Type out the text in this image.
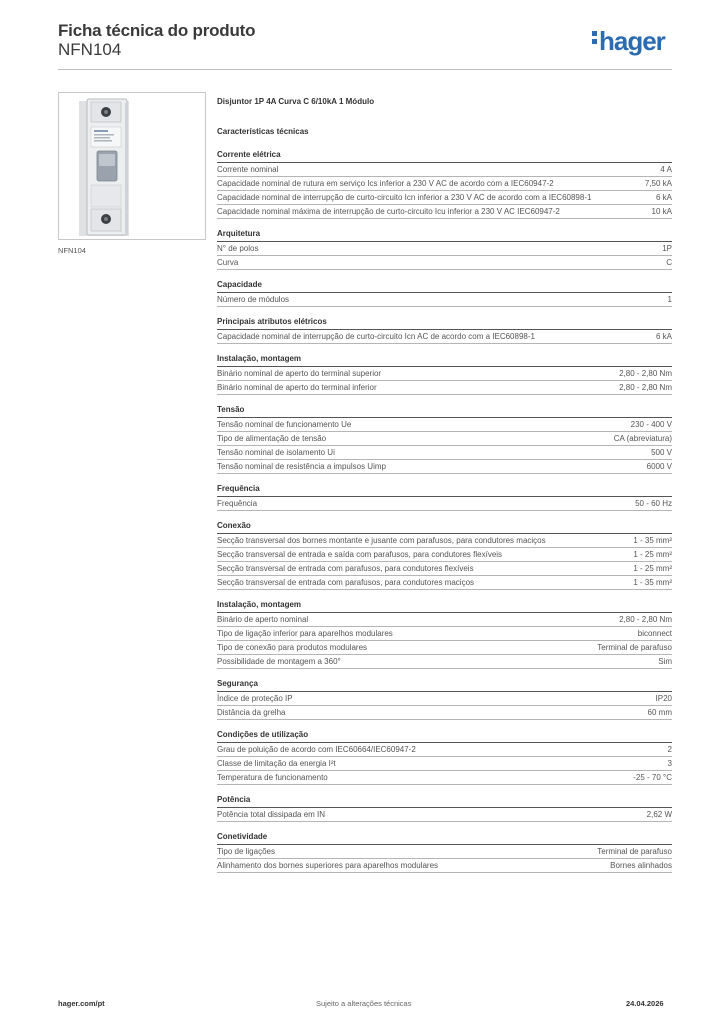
Ficha técnica do produto
NFN104	hager
NFN104
Disjuntor 1P 4A Curva C 6/10kA 1 Módulo
Características técnicas
Corrente elétrica
Corrente nominal	4 A
Capacidade nominal de rutura em serviço Ics inferior a 230 V AC de acordo com a IEC60947-2	7,50 kA
Capacidade nominal de interrupção de curto-circuito Icn inferior a 230 V AC de acordo com a IEC60898-1	6 kA
Capacidade nominal máxima de interrupção de curto-circuito Icu inferior a 230 V AC IEC60947-2	10 kA
Arquitetura
N° de polos	1P
Curva	C
Capacidade
Número de módulos	1
Principais atributos elétricos
Capacidade nominal de interrupção de curto-circuito Icn AC de acordo com a IEC60898-1	6 kA
Instalação, montagem
Binário nominal de aperto do terminal superior	2,80 - 2,80 Nm
Binário nominal de aperto do terminal inferior	2,80 - 2,80 Nm
Tensão
Tensão nominal de funcionamento Ue	230 - 400 V
Tipo de alimentação de tensão	CA (abreviatura)
Tensão nominal de isolamento Ui	500 V
Tensão nominal de resistência a impulsos Uimp	6000 V
Frequência
Frequência	50 - 60 Hz
Conexão
Secção transversal dos bornes montante e jusante com parafusos, para condutores maciços	1 - 35 mm²
Secção transversal de entrada e saída com parafusos, para condutores flexíveis	1 - 25 mm²
Secção transversal de entrada com parafusos, para condutores flexíveis	1 - 25 mm²
Secção transversal de entrada com parafusos, para condutores maciços	1 - 35 mm²
Instalação, montagem
Binário de aperto nominal	2,80 - 2,80 Nm
Tipo de ligação inferior para aparelhos modulares	biconnect
Tipo de conexão para produtos modulares	Terminal de parafuso
Possibilidade de montagem a 360°	Sim
Segurança
Índice de proteção IP	IP20
Distância da grelha	60 mm
Condições de utilização
Grau de poluição de acordo com IEC60664/IEC60947-2	2
Classe de limitação da energia I²t	3
Temperatura de funcionamento	-25 - 70 °C
Potência
Potência total dissipada em IN	2,62 W
Conetividade
Tipo de ligações	Terminal de parafuso
Alinhamento dos bornes superiores para aparelhos modulares	Bornes alinhados
hager.com/pt	Sujeito a alterações técnicas	24.04.2026
